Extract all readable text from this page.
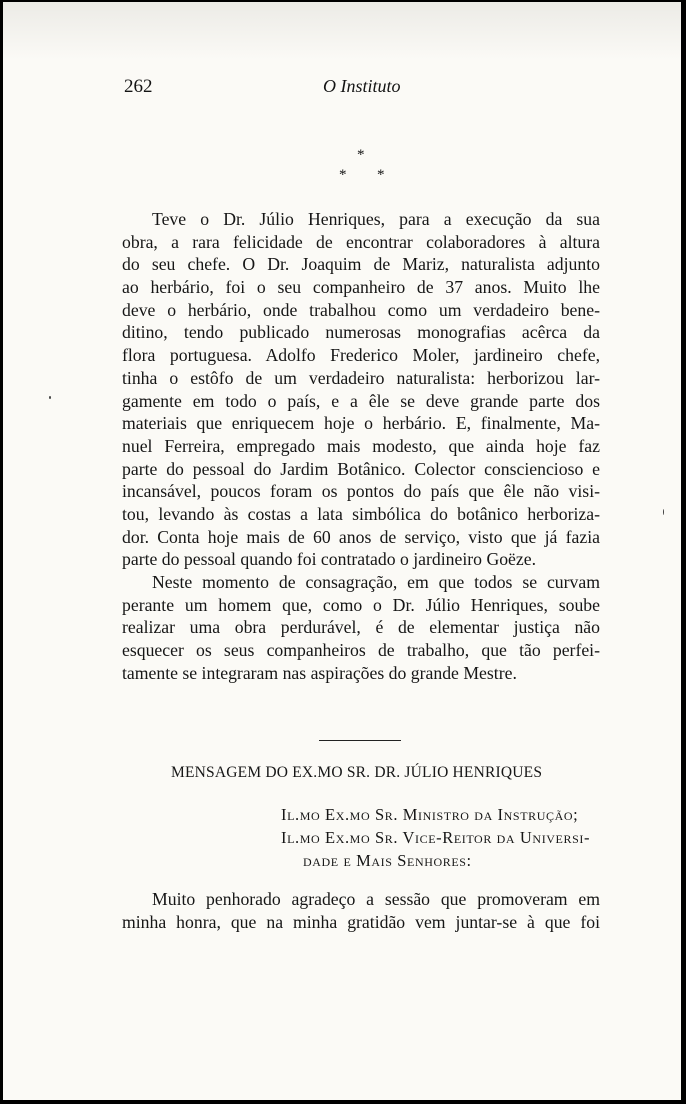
262	O Instituto
*
* *
Teve o Dr. Júlio Henriques, para a execução da sua
obra, a rara felicidade de encontrar colaboradores à altura
do seu chefe. O Dr. Joaquim de Mariz, naturalista adjunto
ao herbário, foi o seu companheiro de 37 anos. Muito lhe
deve o herbário, onde trabalhou como um verdadeiro bene-
ditino, tendo publicado numerosas monografias acêrca da
flora portuguesa. Adolfo Frederico Moler, jardineiro chefe,
tinha o estôfo de um verdadeiro naturalista: herborizou lar-
gamente em todo o país, e a êle se deve grande parte dos
materiais que enriquecem hoje o herbário. E, finalmente, Ma-
nuel Ferreira, empregado mais modesto, que ainda hoje faz
parte do pessoal do Jardim Botânico. Colector consciencioso e
incansável, poucos foram os pontos do país que êle não visi-
tou, levando às costas a lata simbólica do botânico herboriza-
dor. Conta hoje mais de 60 anos de serviço, visto que já fazia
parte do pessoal quando foi contratado o jardineiro Goëze.
Neste momento de consagração, em que todos se curvam
perante um homem que, como o Dr. Júlio Henriques, soube
realizar uma obra perdurável, é de elementar justiça não
esquecer os seus companheiros de trabalho, que tão perfei-
tamente se integraram nas aspirações do grande Mestre.
MENSAGEM DO EX.MO SR. DR. JÚLIO HENRIQUES
Il.mo Ex.mo Sr. Ministro da Instrução;
Il.mo Ex.mo Sr. Vice-Reitor da Universi-
dade e Mais Senhores:
Muito penhorado agradeço a sessão que promoveram em
minha honra, que na minha gratidão vem juntar-se à que foi
